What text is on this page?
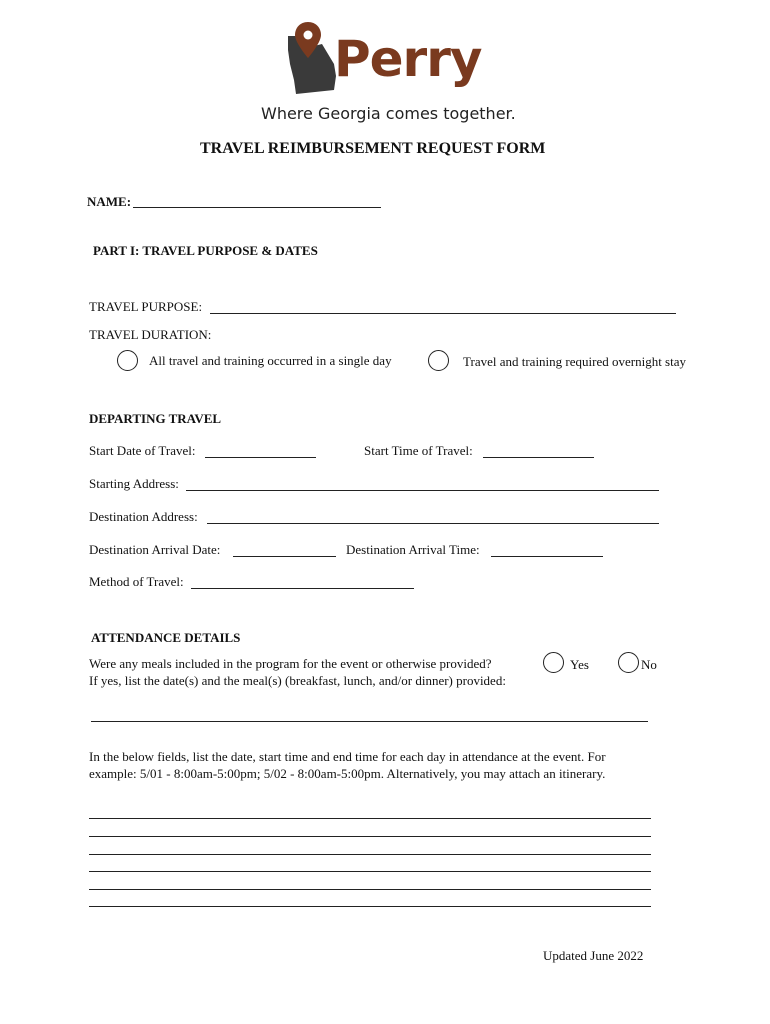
Perry
Where Georgia comes together.
TRAVEL REIMBURSEMENT REQUEST FORM
NAME:
PART I: TRAVEL PURPOSE & DATES
TRAVEL PURPOSE:
TRAVEL DURATION:
All travel and training occurred in a single day	Travel and training required overnight stay
DEPARTING TRAVEL
Start Date of Travel:	Start Time of Travel:
Starting Address:
Destination Address:
Destination Arrival Date:	Destination Arrival Time:
Method of Travel:
ATTENDANCE DETAILS
Were any meals included in the program for the event or otherwise provided?	Yes	No
If yes, list the date(s) and the meal(s) (breakfast, lunch, and/or dinner) provided:
In the below fields, list the date, start time and end time for each day in attendance at the event. For
example: 5/01 - 8:00am-5:00pm; 5/02 - 8:00am-5:00pm. Alternatively, you may attach an itinerary.
Updated June 2022
